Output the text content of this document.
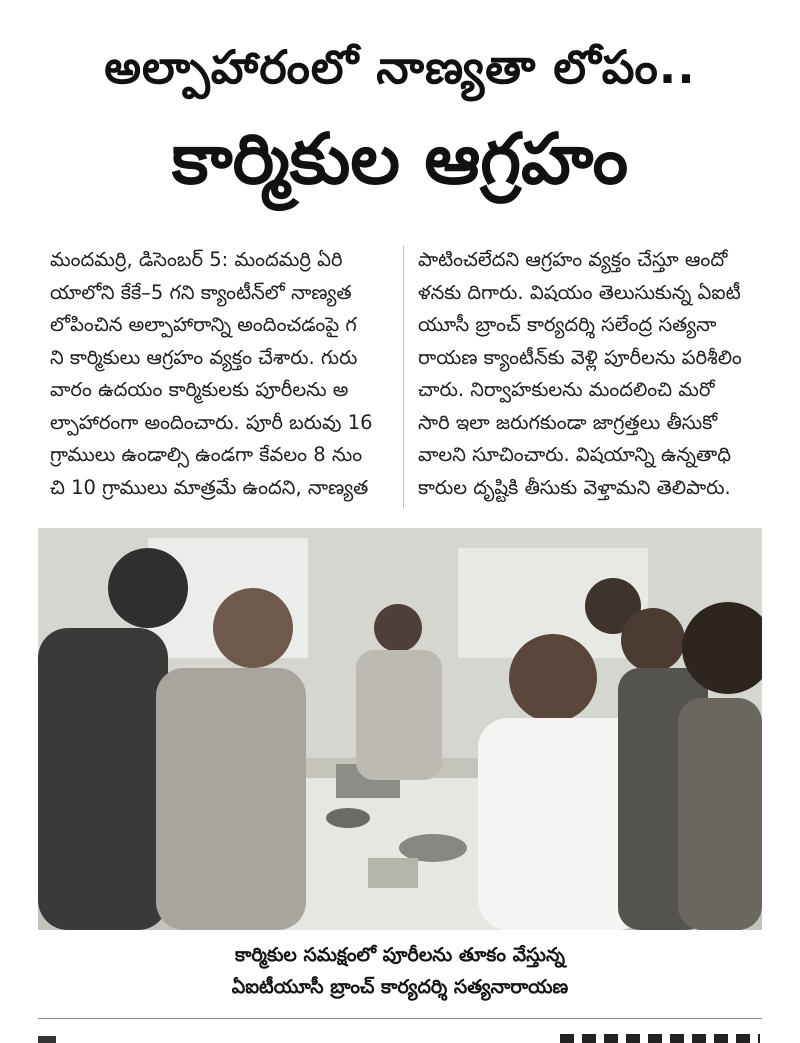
అల్పాహారంలో నాణ్యతా లోపం..
కార్మికుల ఆగ్రహం

మందమర్రి, డిసెంబర్ 5: మందమర్రి ఏరి

యాలోని కేకే–5 గని క్యాంటీన్‌లో నాణ్యత

లోపించిన అల్పాహారాన్ని అందించడంపై గ

ని కార్మికులు ఆగ్రహం వ్యక్తం చేశారు. గురు

వారం ఉదయం కార్మికులకు పూరీలను అ

ల్పాహారంగా అందించారు. పూరీ బరువు 16

గ్రాములు ఉండాల్సి ఉండగా కేవలం 8 నుం

చి 10 గ్రాములు మాత్రమే ఉందని, నాణ్యత

పాటించలేదని ఆగ్రహం వ్యక్తం చేస్తూ ఆందో

ళనకు దిగారు. విషయం తెలుసుకున్న ఏఐటీ

యూసీ బ్రాంచ్ కార్యదర్శి సలేంద్ర సత్యనా

రాయణ క్యాంటీన్‌కు వెళ్లి పూరీలను పరిశీలిం

చారు. నిర్వాహకులను మందలించి మరో

సారి ఇలా జరుగకుండా జాగ్రత్తలు తీసుకో

వాలని సూచించారు. విషయాన్ని ఉన్నతాధి

కారుల దృష్టికి తీసుకు వెళ్తామని తెలిపారు.

కార్మికుల సమక్షంలో పూరీలను తూకం వేస్తున్న
ఏఐటీయూసీ బ్రాంచ్ కార్యదర్శి సత్యనారాయణ
